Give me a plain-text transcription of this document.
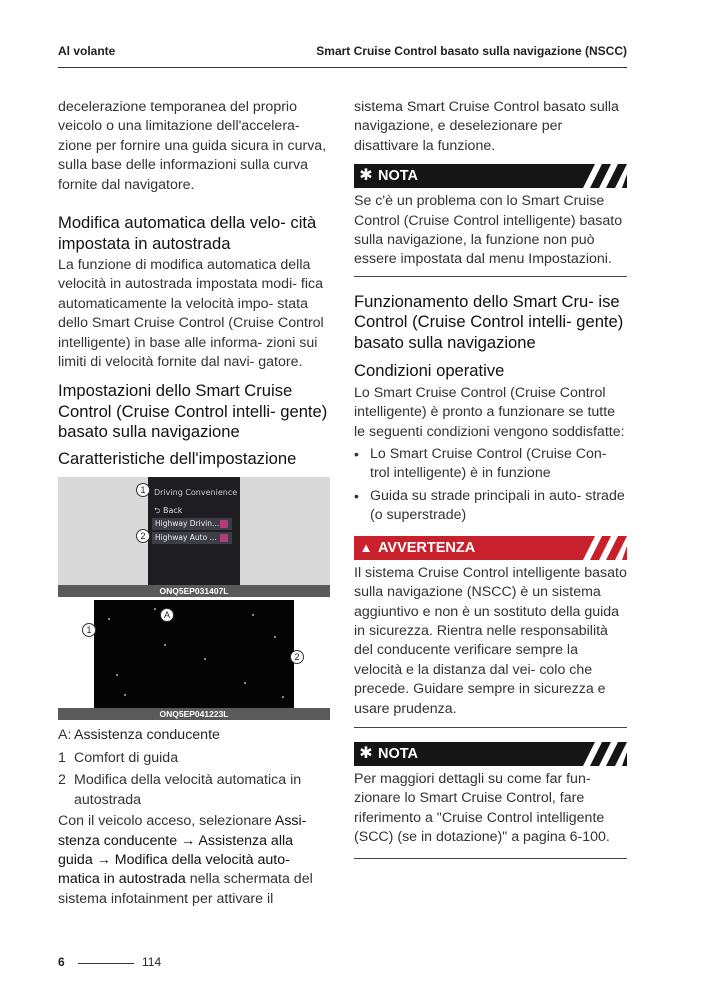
Al volante	Smart Cruise Control basato sulla navigazione (NSCC)

decelerazione temporanea del proprio veicolo o una limitazione dell'accelera- zione per fornire una guida sicura in curva, sulla base delle informazioni sulla curva fornite dal navigatore.

Modifica automatica della velo- cità impostata in autostrada

La funzione di modifica automatica della velocità in autostrada impostata modi- fica automaticamente la velocità impo- stata dello Smart Cruise Control (Cruise Control intelligente) in base alle informa- zioni sui limiti di velocità fornite dal navi- gatore.

Impostazioni dello Smart Cruise Control (Cruise Control intelli- gente) basato sulla navigazione
Caratteristiche dell'impostazione
Driving Convenience
⮌ Back
Highway Drivin...
Highway Auto ...
1
2
ONQ5EP031407L
A
1
2
ONQ5EP041223L
A: Assistenza conducente
1 Comfort di guida
2 Modifica della velocità automatica in autostrada

Con il veicolo acceso, selezionare Assi- stenza conducente → Assistenza alla guida → Modifica della velocità auto- matica in autostrada nella schermata del sistema infotainment per attivare il

sistema Smart Cruise Control basato sulla navigazione, e deselezionare per disattivare la funzione.

✱ NOTA

Se c'è un problema con lo Smart Cruise Control (Cruise Control intelligente) basato sulla navigazione, la funzione non può essere impostata dal menu Impostazioni.

Funzionamento dello Smart Cru- ise Control (Cruise Control intelli- gente) basato sulla navigazione
Condizioni operative

Lo Smart Cruise Control (Cruise Control intelligente) è pronto a funzionare se tutte le seguenti condizioni vengono soddisfatte:

• Lo Smart Cruise Control (Cruise Con- trol intelligente) è in funzione
• Guida su strade principali in auto- strade (o superstrade)
▲ AVVERTENZA

Il sistema Cruise Control intelligente basato sulla navigazione (NSCC) è un sistema aggiuntivo e non è un sostituto della guida in sicurezza. Rientra nelle responsabilità del conducente verificare sempre la velocità e la distanza dal vei- colo che precede. Guidare sempre in sicurezza e usare prudenza.

✱ NOTA

Per maggiori dettagli su come far fun- zionare lo Smart Cruise Control, fare riferimento a "Cruise Control intelligente (SCC) (se in dotazione)" a pagina 6-100.

6	114
